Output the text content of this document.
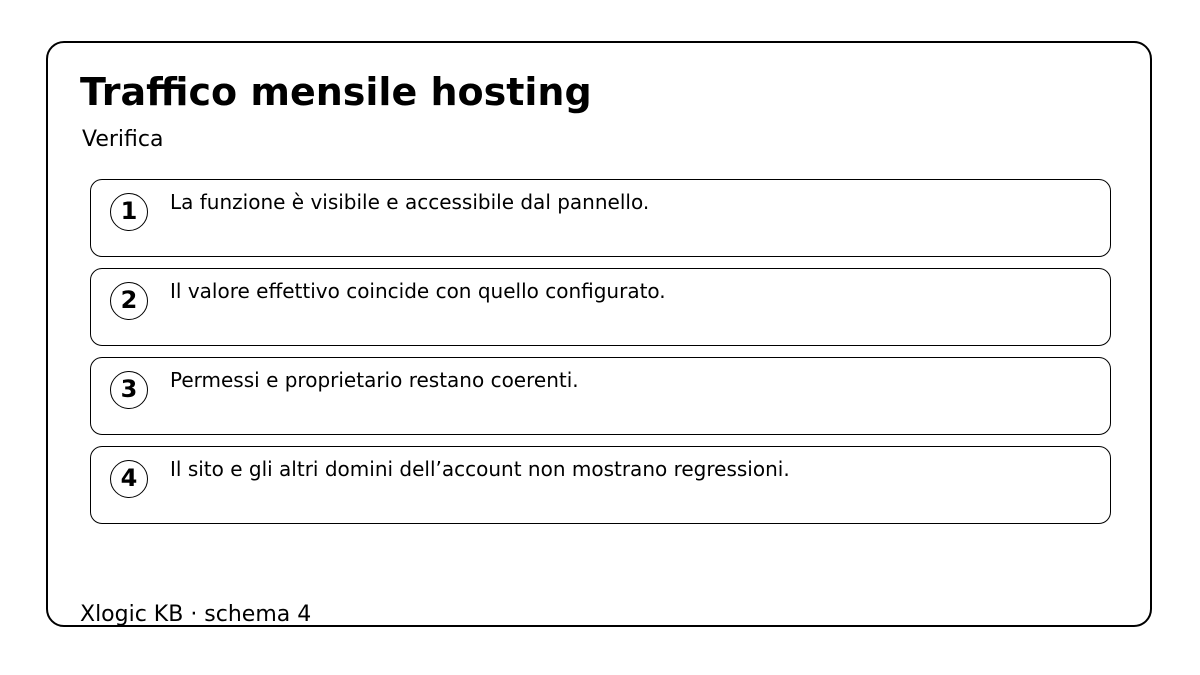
Traffico mensile hosting
Verifica
1	La funzione è visibile e accessibile dal pannello.
2	Il valore effettivo coincide con quello configurato.
3	Permessi e proprietario restano coerenti.
4	Il sito e gli altri domini dell’account non mostrano regressioni.
Xlogic KB · schema 4
